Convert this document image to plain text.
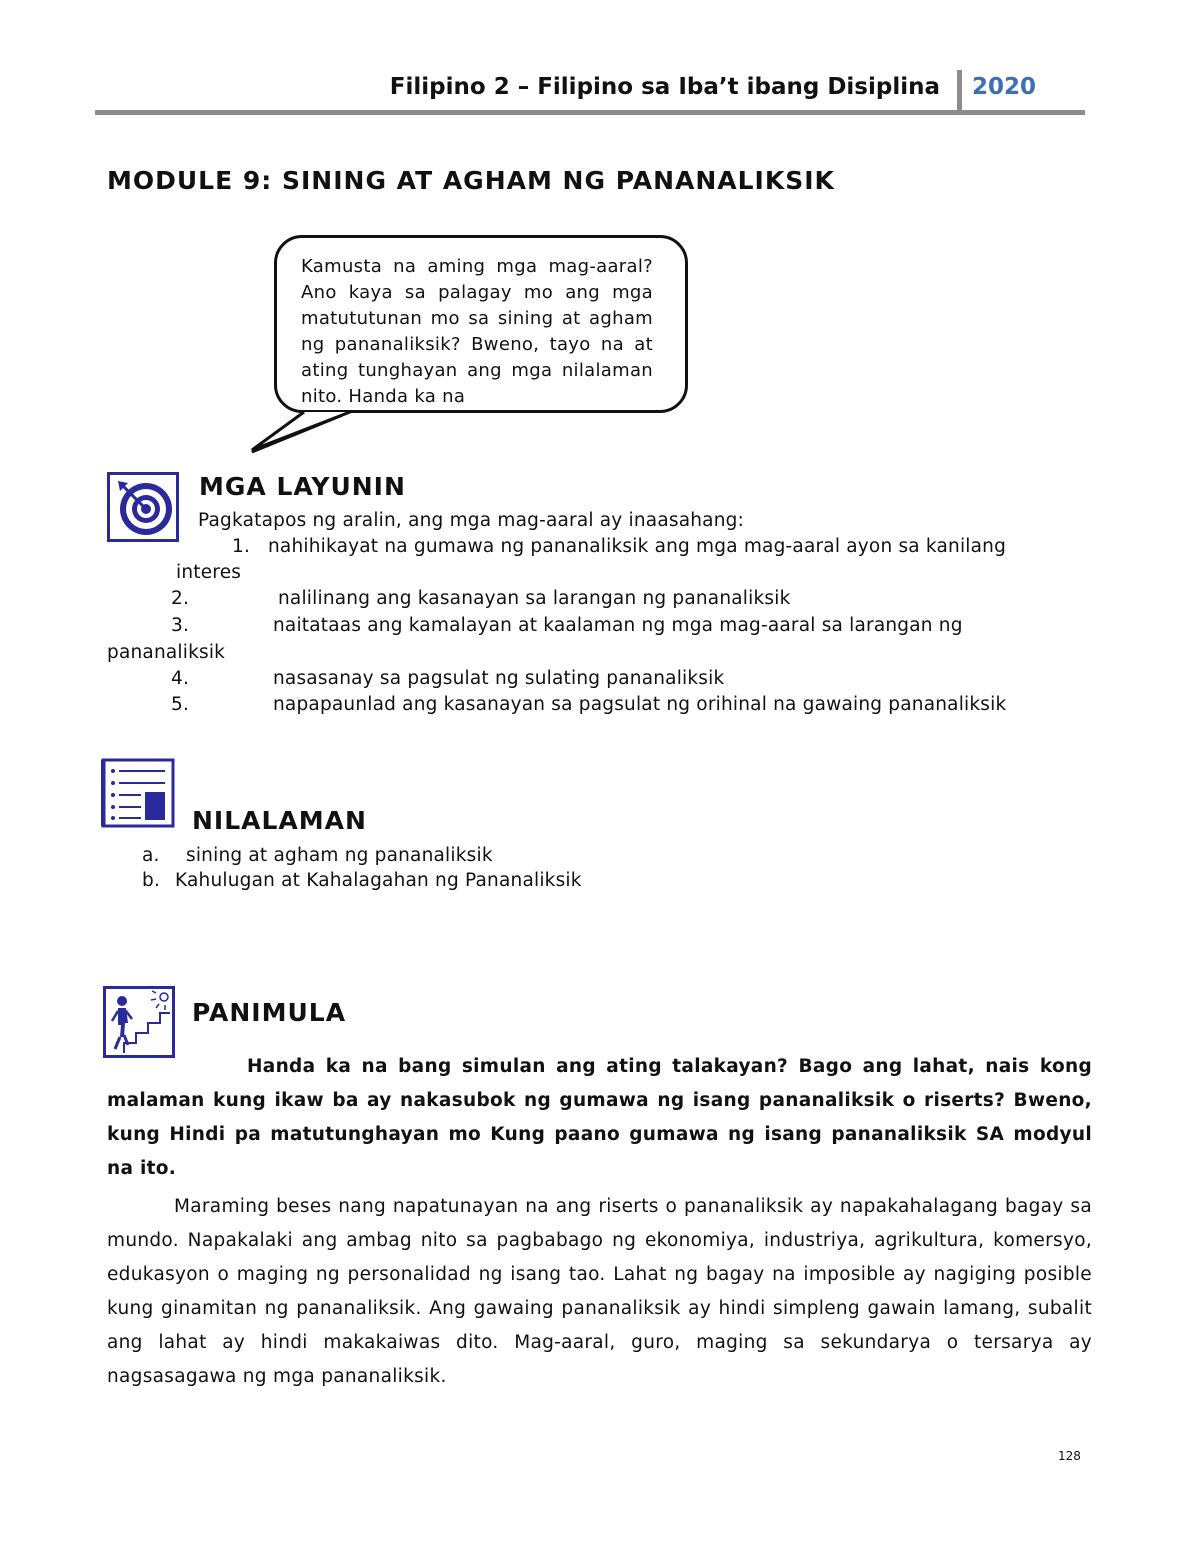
Filipino 2 – Filipino sa Iba’t ibang Disiplina 2020
MODULE 9: SINING AT AGHAM NG PANANALIKSIK
Kamusta na aming mga mag-aaral? Ano kaya sa palagay mo ang mga matututunan mo sa sining at agham ng pananaliksik? Bweno, tayo na at ating tunghayan ang mga nilalaman nito. Handa ka na
MGA LAYUNIN
Pagkatapos ng aralin, ang mga mag-aaral ay inaasahang:
1. nahihikayat na gumawa ng pananaliksik ang mga mag-aaral ayon sa kanilang
interes
2.	nalilinang ang kasanayan sa larangan ng pananaliksik
3.	naitataas ang kamalayan at kaalaman ng mga mag-aaral sa larangan ng
pananaliksik
4.	nasasanay sa pagsulat ng sulating pananaliksik
5.	napapaunlad ang kasanayan sa pagsulat ng orihinal na gawaing pananaliksik
NILALAMAN
a. sining at agham ng pananaliksik
b. Kahulugan at Kahalagahan ng Pananaliksik
PANIMULA

Handa ka na bang simulan ang ating talakayan? Bago ang lahat, nais kong malaman kung ikaw ba ay nakasubok ng gumawa ng isang pananaliksik o riserts? Bweno, kung Hindi pa matutunghayan mo Kung paano gumawa ng isang pananaliksik SA modyul na ito.

Maraming beses nang napatunayan na ang riserts o pananaliksik ay napakahalagang bagay sa mundo. Napakalaki ang ambag nito sa pagbabago ng ekonomiya, industriya, agrikultura, komersyo, edukasyon o maging ng personalidad ng isang tao. Lahat ng bagay na imposible ay nagiging posible kung ginamitan ng pananaliksik. Ang gawaing pananaliksik ay hindi simpleng gawain lamang, subalit ang lahat ay hindi makakaiwas dito. Mag-aaral, guro, maging sa sekundarya o tersarya ay nagsasagawa ng mga pananaliksik.

128
